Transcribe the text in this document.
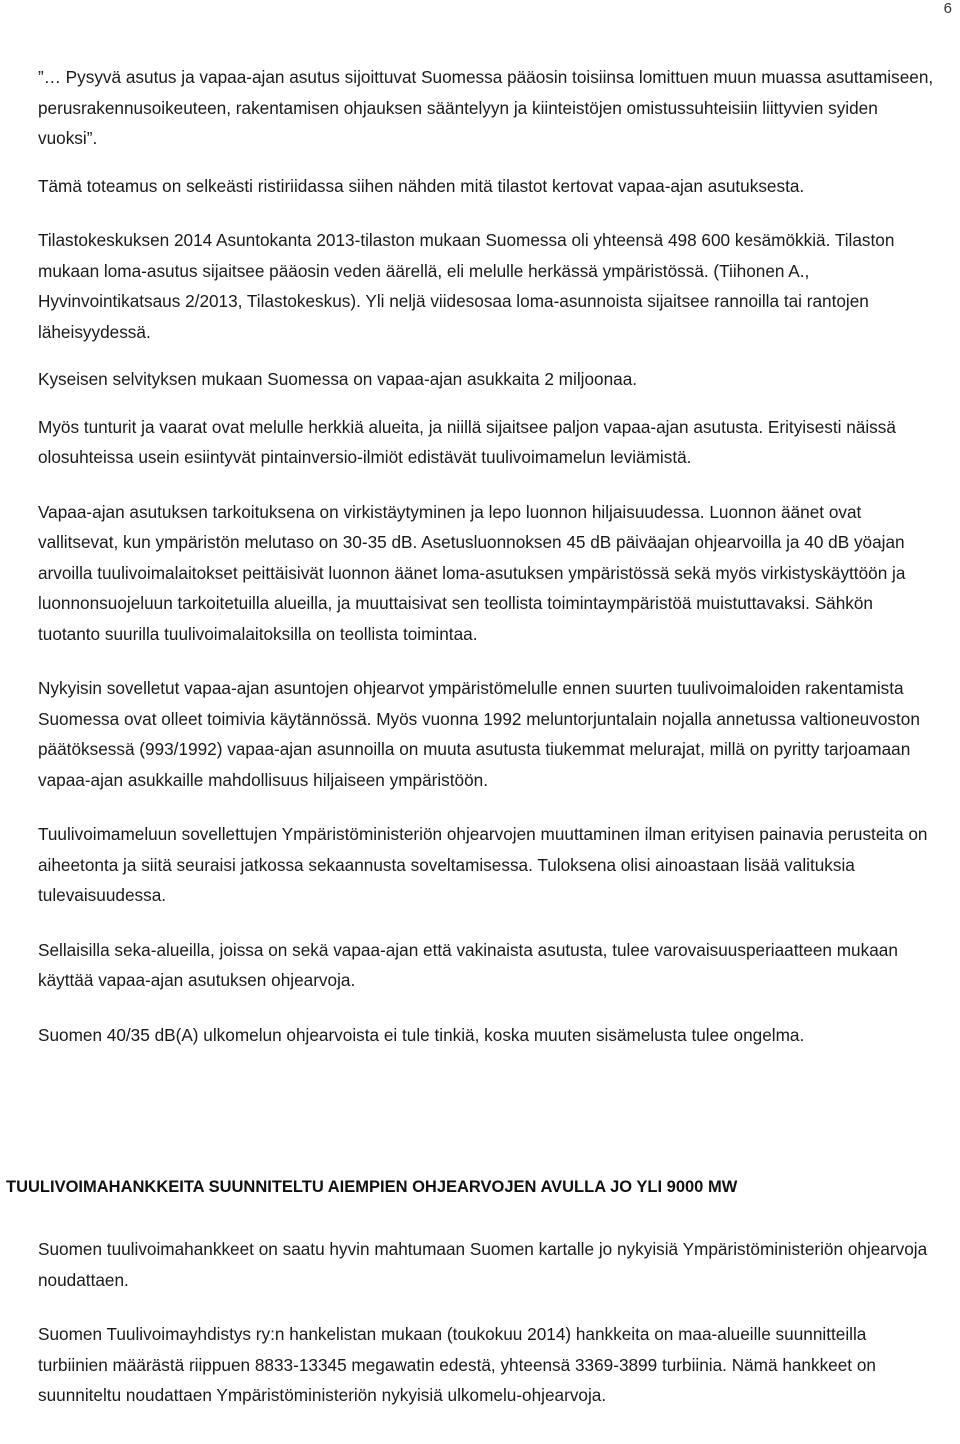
6

”… Pysyvä asutus ja vapaa-ajan asutus sijoittuvat Suomessa pääosin toisiinsa lomittuen muun muassa asuttamiseen, perusrakennusoikeuteen, rakentamisen ohjauksen sääntelyyn ja kiinteistöjen omistussuhteisiin liittyvien syiden vuoksi”.

Tämä toteamus on selkeästi ristiriidassa siihen nähden mitä tilastot kertovat vapaa-ajan asutuksesta.

Tilastokeskuksen 2014 Asuntokanta 2013-tilaston mukaan Suomessa oli yhteensä 498 600 kesämökkiä. Tilaston mukaan loma-asutus sijaitsee pääosin veden äärellä, eli melulle herkässä ympäristössä. (Tiihonen A., Hyvinvointikatsaus 2/2013, Tilastokeskus). Yli neljä viidesosaa loma-asunnoista sijaitsee rannoilla tai rantojen läheisyydessä.

Kyseisen selvityksen mukaan Suomessa on vapaa-ajan asukkaita 2 miljoonaa.

Myös tunturit ja vaarat ovat melulle herkkiä alueita, ja niillä sijaitsee paljon vapaa-ajan asutusta. Erityisesti näissä olosuhteissa usein esiintyvät pintainversio-ilmiöt edistävät tuulivoimamelun leviämistä.

Vapaa-ajan asutuksen tarkoituksena on virkistäytyminen ja lepo luonnon hiljaisuudessa. Luonnon äänet ovat vallitsevat, kun ympäristön melutaso on 30-35 dB. Asetusluonnoksen 45 dB päiväajan ohjearvoilla ja 40 dB yöajan arvoilla tuulivoimalaitokset peittäisivät luonnon äänet loma-asutuksen ympäristössä sekä myös virkistyskäyttöön ja luonnonsuojeluun tarkoitetuilla alueilla, ja muuttaisivat sen teollista toimintaympäristöä muistuttavaksi. Sähkön tuotanto suurilla tuulivoimalaitoksilla on teollista toimintaa.

Nykyisin sovelletut vapaa-ajan asuntojen ohjearvot ympäristömelulle ennen suurten tuulivoimaloiden rakentamista Suomessa ovat olleet toimivia käytännössä. Myös vuonna 1992 meluntorjuntalain nojalla annetussa valtioneuvoston päätöksessä (993/1992) vapaa-ajan asunnoilla on muuta asutusta tiukemmat melurajat, millä on pyritty tarjoamaan vapaa-ajan asukkaille mahdollisuus hiljaiseen ympäristöön.

Tuulivoimameluun sovellettujen Ympäristöministeriön ohjearvojen muuttaminen ilman erityisen painavia perusteita on aiheetonta ja siitä seuraisi jatkossa sekaannusta soveltamisessa. Tuloksena olisi ainoastaan lisää valituksia tulevaisuudessa.

Sellaisilla seka-alueilla, joissa on sekä vapaa-ajan että vakinaista asutusta, tulee varovaisuusperiaatteen mukaan käyttää vapaa-ajan asutuksen ohjearvoja.

Suomen 40/35 dB(A) ulkomelun ohjearvoista ei tule tinkiä, koska muuten sisämelusta tulee ongelma.

TUULIVOIMAHANKKEITA SUUNNITELTU AIEMPIEN OHJEARVOJEN AVULLA JO YLI 9000 MW

Suomen tuulivoimahankkeet on saatu hyvin mahtumaan Suomen kartalle jo nykyisiä Ympäristöministeriön ohjearvoja noudattaen.

Suomen Tuulivoimayhdistys ry:n hankelistan mukaan (toukokuu 2014) hankkeita on maa-alueille suunnitteilla turbiinien määrästä riippuen 8833-13345 megawatin edestä, yhteensä 3369-3899 turbiinia. Nämä hankkeet on suunniteltu noudattaen Ympäristöministeriön nykyisiä ulkomelu-ohjearvoja.
